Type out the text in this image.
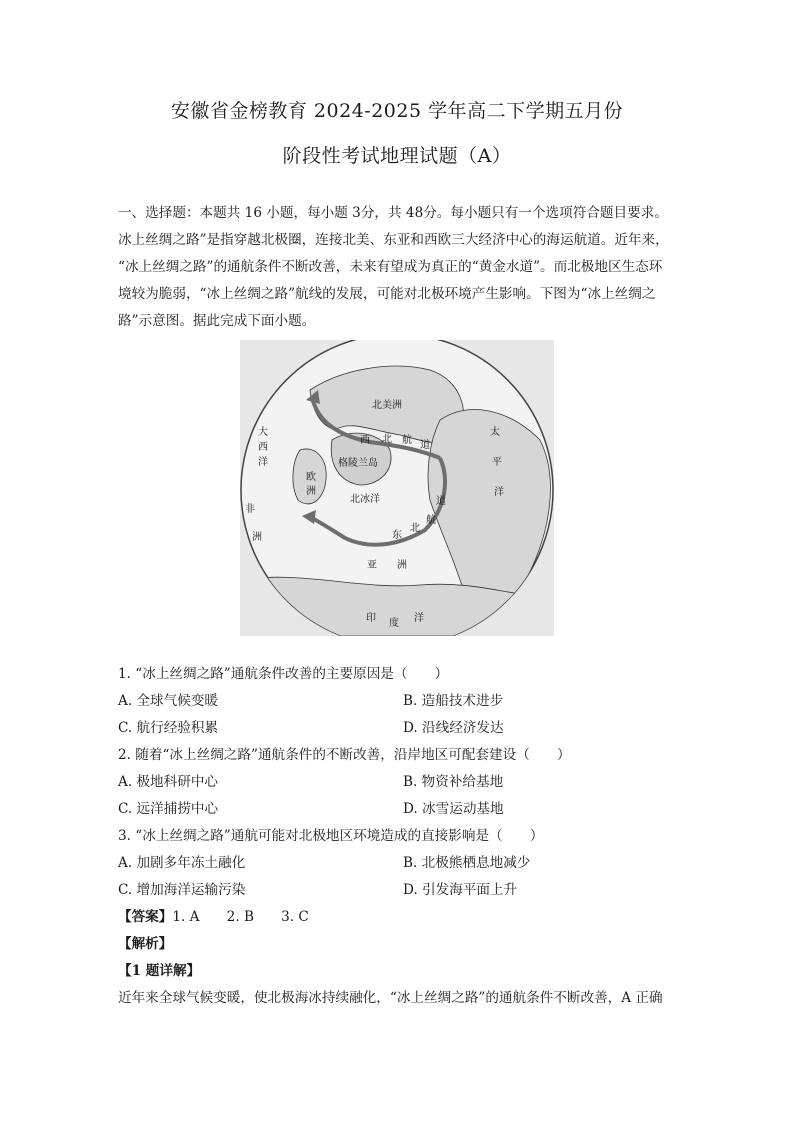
安徽省金榜教育 2024-2025 学年高二下学期五月份
阶段性考试地理试题（A）
一、选择题：本题共 16 小题，每小题 3分，共 48分。每小题只有一个选项符合题目要求。
冰上丝绸之路”是指穿越北极圈，连接北美、东亚和西欧三大经济中心的海运航道。近年来，
“冰上丝绸之路”的通航条件不断改善，未来有望成为真正的“黄金水道”。而北极地区生态环
境较为脆弱，“冰上丝绸之路”航线的发展，可能对北极环境产生影响。下图为“冰上丝绸之
路”示意图。据此完成下面小题。
北美洲
大
西
洋
太
平
洋
欧
洲
非
洲
格陵兰岛
北冰洋
西 北 航 道
道
航
北
东
亚 洲
印 度 洋
1. “冰上丝绸之路”通航条件改善的主要原因是（　　）
A. 全球气候变暖	B. 造船技术进步
C. 航行经验积累	D. 沿线经济发达
2. 随着“冰上丝绸之路”通航条件的不断改善，沿岸地区可配套建设（　　）
A. 极地科研中心	B. 物资补给基地
C. 远洋捕捞中心	D. 冰雪运动基地
3. “冰上丝绸之路”通航可能对北极地区环境造成的直接影响是（　　）
A. 加剧多年冻土融化	B. 北极熊栖息地减少
C. 增加海洋运输污染	D. 引发海平面上升
【答案】1. A　　2. B　　3. C
【解析】
【1 题详解】
近年来全球气候变暖，使北极海冰持续融化，“冰上丝绸之路”的通航条件不断改善，A 正确
